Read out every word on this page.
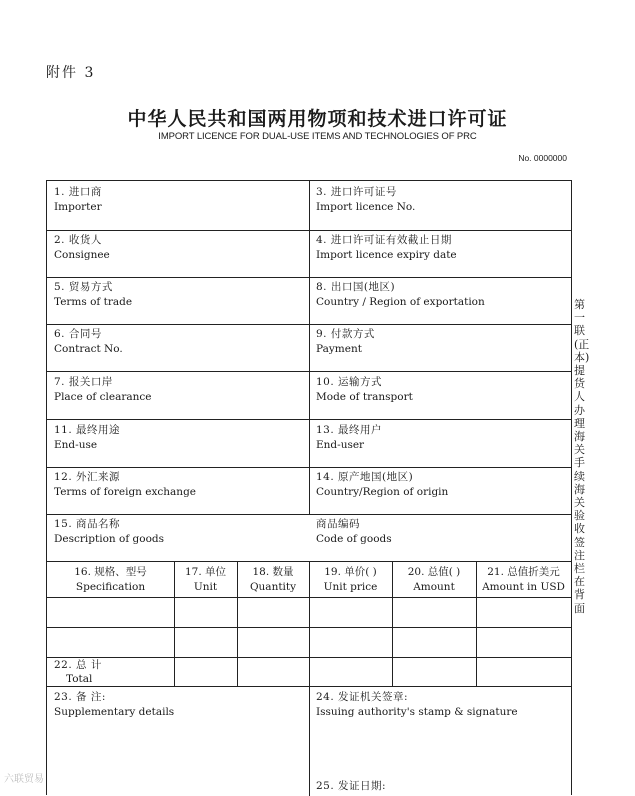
附件 3
中华人民共和国两用物项和技术进口许可证
IMPORT LICENCE FOR DUAL-USE ITEMS AND TECHNOLOGIES OF PRC
No. 0000000
1. 进口商
Importer
3. 进口许可证号
Import licence No.
2. 收货人
Consignee
4. 进口许可证有效截止日期
Import licence expiry date
5. 贸易方式
Terms of trade
8. 出口国(地区)
Country / Region of exportation
6. 合同号
Contract No.
9. 付款方式
Payment
7. 报关口岸
Place of clearance
10. 运输方式
Mode of transport
11. 最终用途
End-use
13. 最终用户
End-user
12. 外汇来源
Terms of foreign exchange
14. 原产地国(地区)
Country/Region of origin
15. 商品名称
Description of goods
商品编码
Code of goods
16. 规格、型号
Specification
17. 单位
Unit
18. 数量
Quantity
19. 单价( )
Unit price
20. 总值( )
Amount
21. 总值折美元
Amount in USD
22. 总 计
Total
23. 备 注:
Supplementary details
24. 发证机关签章:
Issuing authority's stamp & signature
25. 发证日期:
第一联(正本)提货人办理海关手续 海关验收签注栏在背面
六联贸易
